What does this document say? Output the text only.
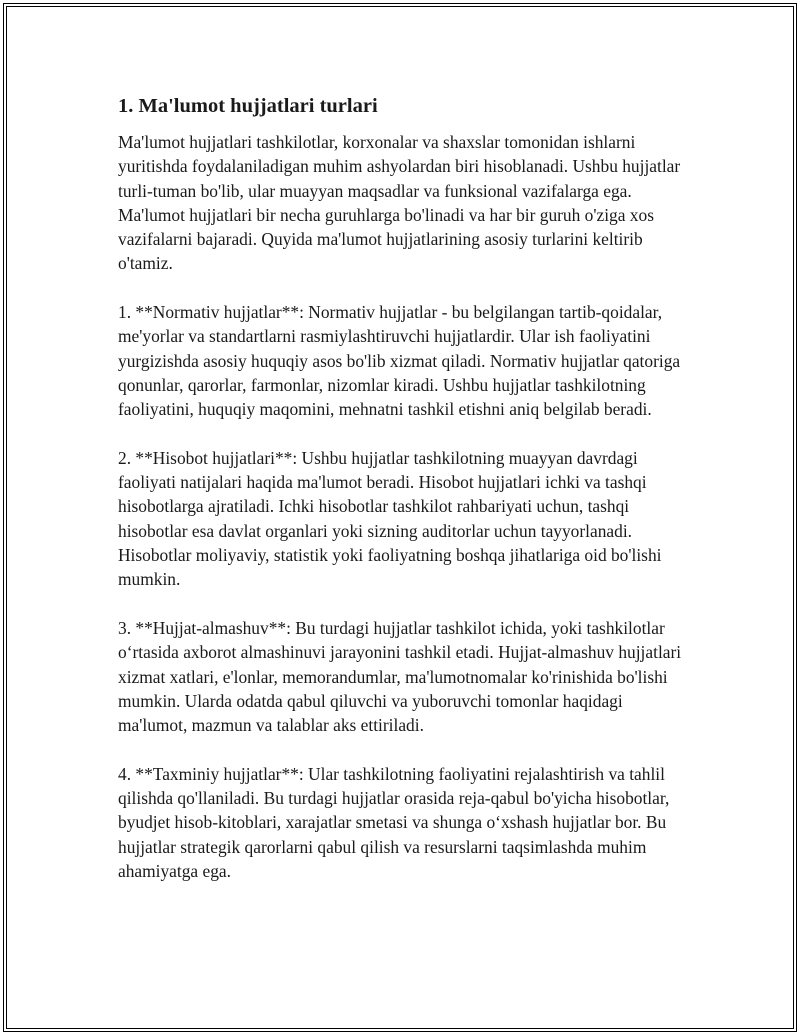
1. Ma'lumot hujjatlari turlari

Ma'lumot hujjatlari tashkilotlar, korxonalar va shaxslar tomonidan ishlarni yuritishda foydalaniladigan muhim ashyolardan biri hisoblanadi. Ushbu hujjatlar turli-tuman bo'lib, ular muayyan maqsadlar va funksional vazifalarga ega. Ma'lumot hujjatlari bir necha guruhlarga bo'linadi va har bir guruh o'ziga xos vazifalarni bajaradi. Quyida ma'lumot hujjatlarining asosiy turlarini keltirib o'tamiz.

1. **Normativ hujjatlar**: Normativ hujjatlar - bu belgilangan tartib-qoidalar, me'yorlar va standartlarni rasmiylashtiruvchi hujjatlardir. Ular ish faoliyatini yurgizishda asosiy huquqiy asos bo'lib xizmat qiladi. Normativ hujjatlar qatoriga qonunlar, qarorlar, farmonlar, nizomlar kiradi. Ushbu hujjatlar tashkilotning faoliyatini, huquqiy maqomini, mehnatni tashkil etishni aniq belgilab beradi.

2. **Hisobot hujjatlari**: Ushbu hujjatlar tashkilotning muayyan davrdagi faoliyati natijalari haqida ma'lumot beradi. Hisobot hujjatlari ichki va tashqi hisobotlarga ajratiladi. Ichki hisobotlar tashkilot rahbariyati uchun, tashqi hisobotlar esa davlat organlari yoki sizning auditorlar uchun tayyorlanadi. Hisobotlar moliyaviy, statistik yoki faoliyatning boshqa jihatlariga oid bo'lishi mumkin.

3. **Hujjat-almashuv**: Bu turdagi hujjatlar tashkilot ichida, yoki tashkilotlar o‘rtasida axborot almashinuvi jarayonini tashkil etadi. Hujjat-almashuv hujjatlari xizmat xatlari, e'lonlar, memorandumlar, ma'lumotnomalar ko'rinishida bo'lishi mumkin. Ularda odatda qabul qiluvchi va yuboruvchi tomonlar haqidagi ma'lumot, mazmun va talablar aks ettiriladi.

4. **Taxminiy hujjatlar**: Ular tashkilotning faoliyatini rejalashtirish va tahlil qilishda qo'llaniladi. Bu turdagi hujjatlar orasida reja-qabul bo'yicha hisobotlar, byudjet hisob-kitoblari, xarajatlar smetasi va shunga o‘xshash hujjatlar bor. Bu hujjatlar strategik qarorlarni qabul qilish va resurslarni taqsimlashda muhim ahamiyatga ega.
